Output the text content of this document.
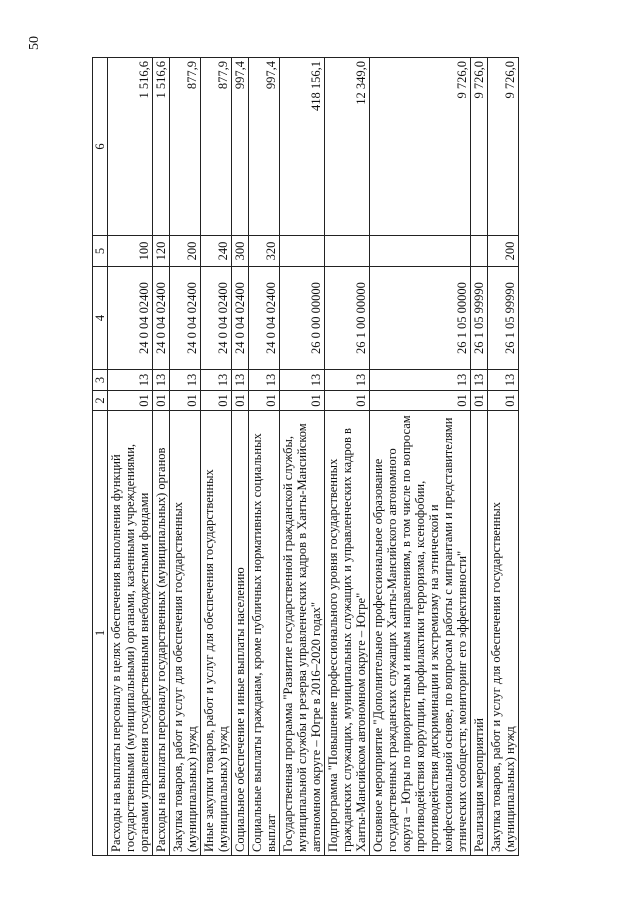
50
1	2	3	4	5	6
Расходы на выплаты персоналу в целях обеспечения выполнения функций государственными (муниципальными) органами, казенными учреждениями, органами управления государственными внебюджетными фондами	01	13	24 0 04 02400	100	1 516,6
Расходы на выплаты персоналу государственных (муниципальных) органов	01	13	24 0 04 02400	120	1 516,6
Закупка товаров, работ и услуг для обеспечения государственных (муниципальных) нужд	01	13	24 0 04 02400	200	877,9
Иные закупки товаров, работ и услуг для обеспечения государственных (муниципальных) нужд	01	13	24 0 04 02400	240	877,9
Социальное обеспечение и иные выплаты населению	01	13	24 0 04 02400	300	997,4
Социальные выплаты гражданам, кроме публичных нормативных социальных выплат	01	13	24 0 04 02400	320	997,4
Государственная программа "Развитие государственной гражданской службы, муниципальной службы и резерва управленческих кадров в Ханты-Мансийском автономном округе – Югре в 2016–2020 годах"	01	13	26 0 00 00000		418 156,1
Подпрограмма "Повышение профессионального уровня государственных гражданских служащих, муниципальных служащих и управленческих кадров в Ханты-Мансийском автономном округе – Югре"	01	13	26 1 00 00000		12 349,0
Основное мероприятие "Дополнительное профессиональное образование государственных гражданских служащих Ханты-Мансийского автономного округа – Югры по приоритетным и иным направлениям, в том числе по вопросам противодействия коррупции, профилактики терроризма, ксенофобии, противодействия дискриминации и экстремизму на этнической и конфессиональной основе, по вопросам работы с мигрантами и представителями этнических сообществ; мониторинг его эффективности"	01	13	26 1 05 00000		9 726,0
Реализация мероприятий	01	13	26 1 05 99990		9 726,0
Закупка товаров, работ и услуг для обеспечения государственных (муниципальных) нужд	01	13	26 1 05 99990	200	9 726,0
